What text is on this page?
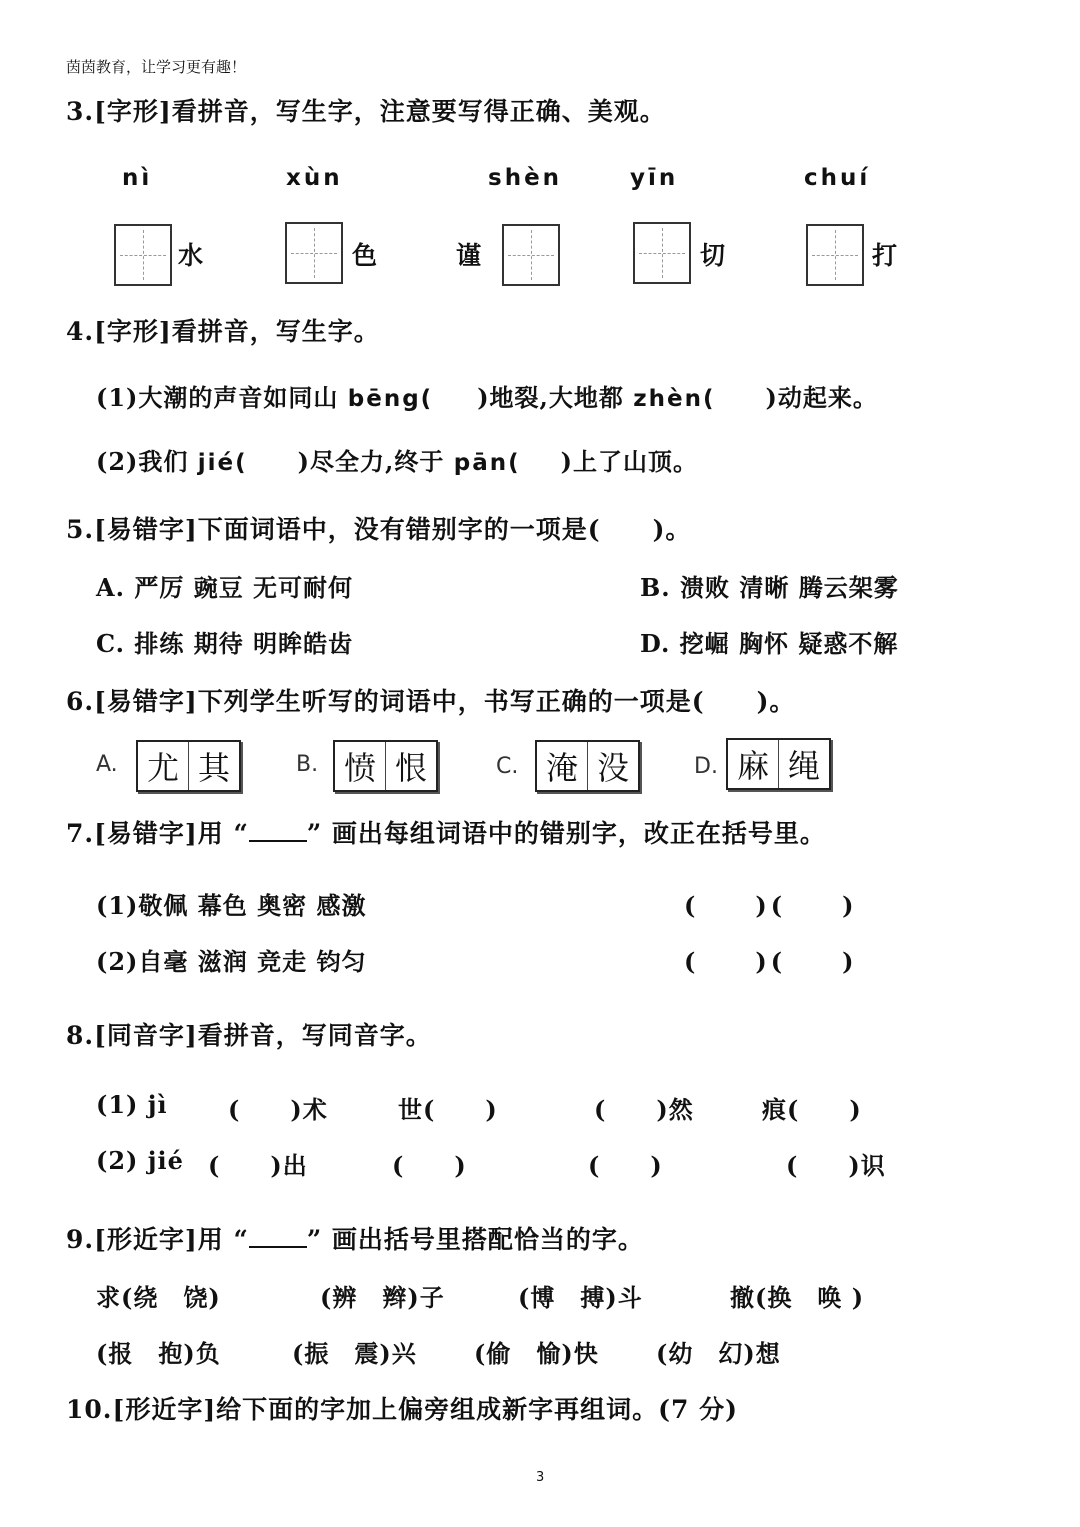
茵茵教育，让学习更有趣！
3.[字形]看拼音，写生字，注意要写得正确、美观。
nì	xùn	shèn	yīn	chuí
水	色	谨	切	打
4.[字形]看拼音，写生字。
(1)大潮的声音如同山 bēng( )地裂,大地都 zhèn( )动起来。
(2)我们 jié( )尽全力,终于 pān( )上了山顶。
5.[易错字]下面词语中，没有错别字的一项是(　　)。
A. 严厉 豌豆 无可耐何	B. 溃败 清晰 腾云架雾
C. 排练 期待 明眸皓齿	D. 挖崛 胸怀 疑惑不解
6.[易错字]下列学生听写的词语中，书写正确的一项是(　　)。
A. 尤 其	B. 愤 恨	C. 淹 没	D. 麻 绳
7.[易错字]用 “ ” 画出每组词语中的错别字，改正在括号里。
(1)敬佩 幕色 奥密 感激	(　　)(　　)
(2)自毫 滋润 竞走 钧匀	(　　)(　　)
8.[同音字]看拼音，写同音字。
(1) jì	(　　)术	世(　　)	(　　)然	痕(　　)
(2) jié (　　)出	(　　)	(　　)	(　　)识
9.[形近字]用 “ ” 画出括号里搭配恰当的字。
求(绕　饶)	(辨　辫)子	(博　搏)斗	撤(换　唤 )
(报　抱)负	(振　震)兴 (偷　愉)快 (幼　幻)想
10.[形近字]给下面的字加上偏旁组成新字再组词。(7 分)
3
